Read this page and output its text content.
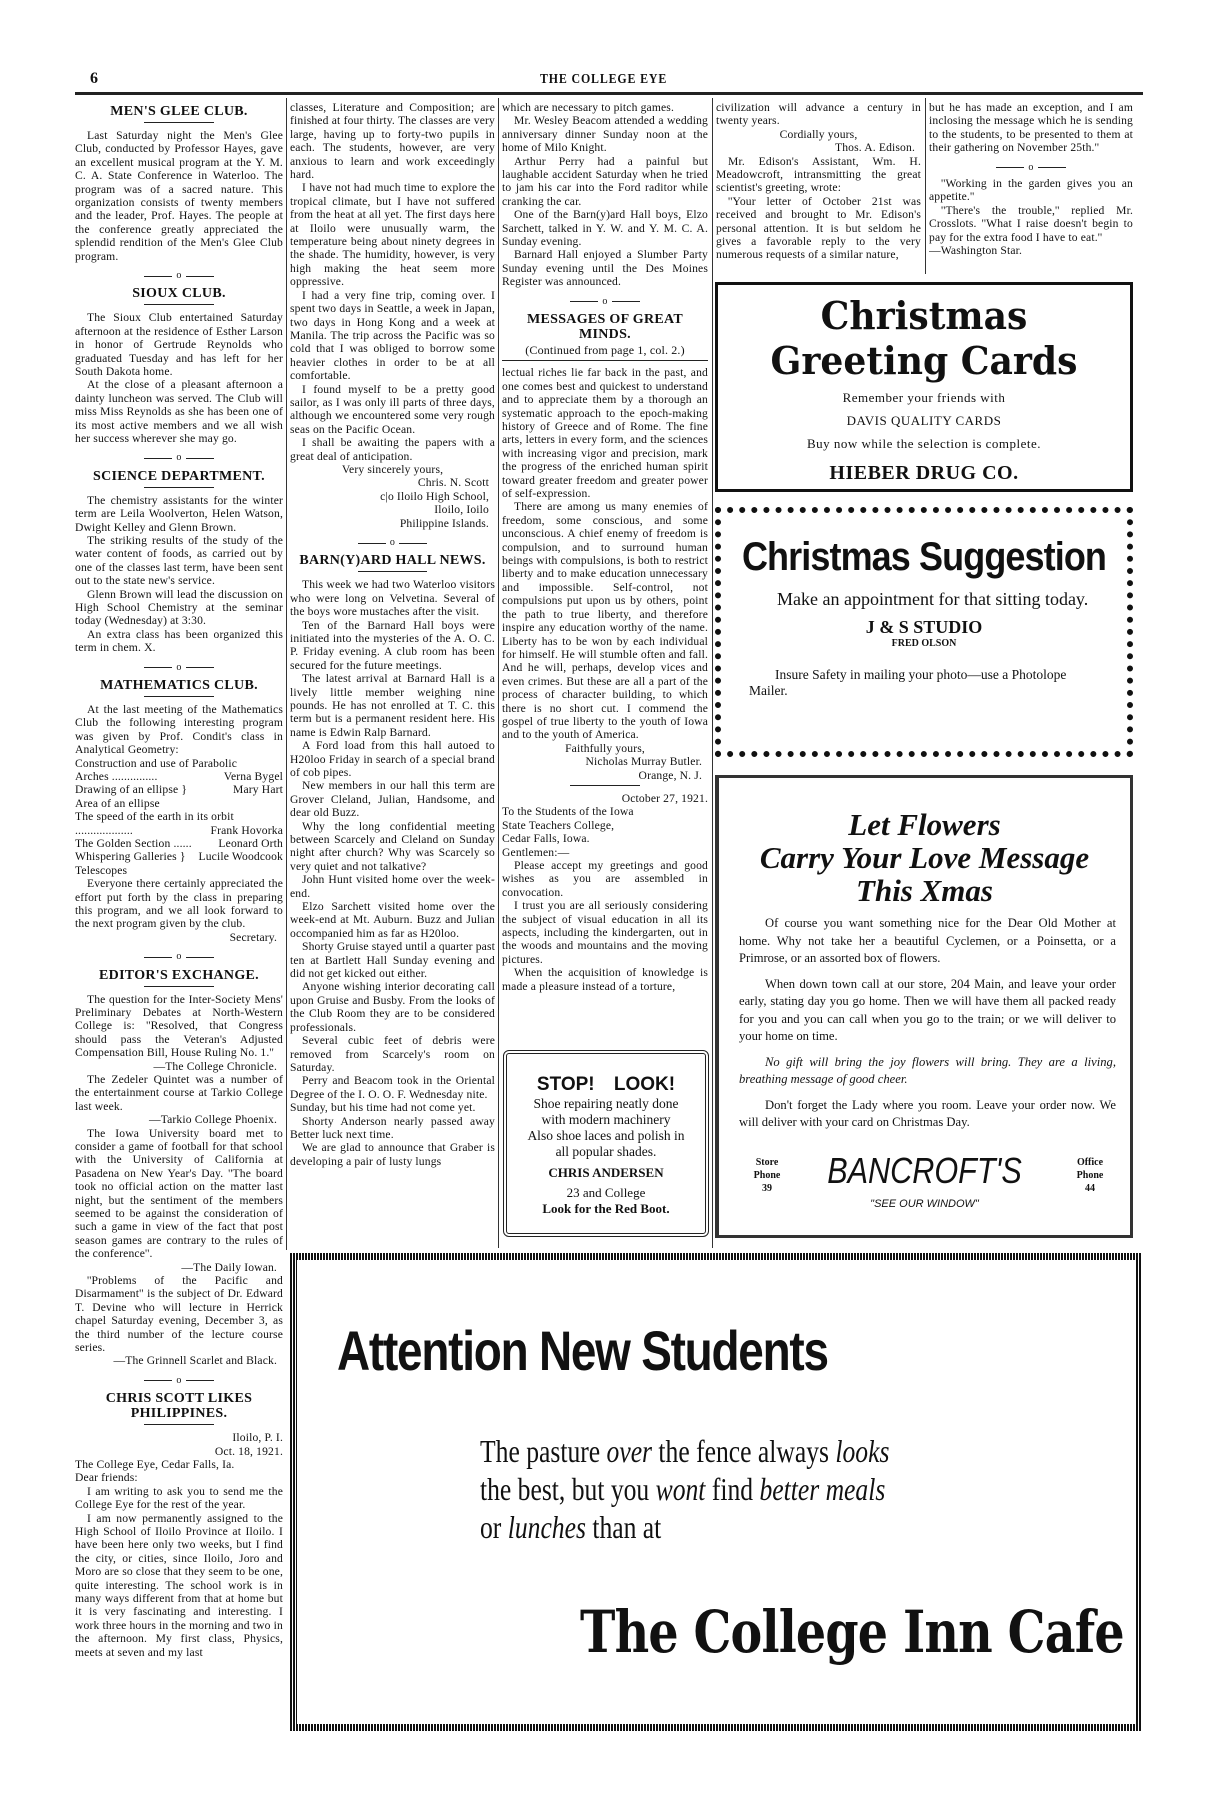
6	THE COLLEGE EYE
MEN'S GLEE CLUB.
Last Saturday night the Men's Glee Club, conducted by Professor Hayes, gave an excellent musical program at the Y. M. C. A. State Conference in Waterloo. The program was of a sacred nature. This organization consists of twenty members and the leader, Prof. Hayes. The people at the conference greatly appreciated the splendid rendition of the Men's Glee Club program.
o
SIOUX CLUB.
The Sioux Club entertained Saturday afternoon at the residence of Esther Larson in honor of Gertrude Reynolds who graduated Tuesday and has left for her South Dakota home.
At the close of a pleasant afternoon a dainty luncheon was served. The Club will miss Miss Reynolds as she has been one of its most active members and we all wish her success wherever she may go.
o
SCIENCE DEPARTMENT.
The chemistry assistants for the winter term are Leila Woolverton, Helen Watson, Dwight Kelley and Glenn Brown.
The striking results of the study of the water content of foods, as carried out by one of the classes last term, have been sent out to the state new's service.
Glenn Brown will lead the discussion on High School Chemistry at the seminar today (Wednesday) at 3:30.
An extra class has been organized this term in chem. X.
o
MATHEMATICS CLUB.
At the last meeting of the Mathematics Club the following interesting program was given by Prof. Condit's class in Analytical Geometry:
Construction and use of Parabolic
Arches ...............	Verna Bygel
Drawing of an ellipse }	Mary Hart
Area of an ellipse
The speed of the earth in its orbit
...................	Frank Hovorka
The Golden Section ...... Leonard Orth
Whispering Galleries } Lucile Woodcook
Telescopes
Everyone there certainly appreciated the effort put forth by the class in preparing this program, and we all look forward to the next program given by the club.
Secretary.
o
EDITOR'S EXCHANGE.
The question for the Inter-Society Mens' Preliminary Debates at North-Western College is: ''Resolved, that Congress should pass the Veteran's Adjusted Compensation Bill, House Ruling No. 1.''
—The College Chronicle.
The Zedeler Quintet was a number of the entertainment course at Tarkio College last week.
—Tarkio College Phoenix.
The Iowa University board met to consider a game of football for that school with the University of California at Pasadena on New Year's Day. ''The board took no official action on the matter last night, but the sentiment of the members seemed to be against the consideration of such a game in view of the fact that post season games are contrary to the rules of the conference''.
—The Daily Iowan.
''Problems of the Pacific and Disarmament'' is the subject of Dr. Edward T. Devine who will lecture in Herrick chapel Saturday evening, December 3, as the third number of the lecture course series.
—The Grinnell Scarlet and Black.
o
CHRIS SCOTT LIKES PHILIPPINES.
Iloilo, P. I.
Oct. 18, 1921.
The College Eye, Cedar Falls, Ia.
Dear friends:
I am writing to ask you to send me the College Eye for the rest of the year.
I am now permanently assigned to the High School of Iloilo Province at Iloilo. I have been here only two weeks, but I find the city, or cities, since Iloilo, Joro and Moro are so close that they seem to be one, quite interesting. The school work is in many ways different from that at home but it is very fascinating and interesting. I work three hours in the morning and two in the afternoon. My first class, Physics, meets at seven and my last
classes, Literature and Composition; are finished at four thirty. The classes are very large, having up to forty-two pupils in each. The students, however, are very anxious to learn and work exceedingly hard.
I have not had much time to explore the tropical climate, but I have not suffered from the heat at all yet. The first days here at Iloilo were unusually warm, the temperature being about ninety degrees in the shade. The humidity, however, is very high making the heat seem more oppressive.
I had a very fine trip, coming over. I spent two days in Seattle, a week in Japan, two days in Hong Kong and a week at Manila. The trip across the Pacific was so cold that I was obliged to borrow some heavier clothes in order to be at all comfortable.
I found myself to be a pretty good sailor, as I was only ill parts of three days, although we encountered some very rough seas on the Pacific Ocean.
I shall be awaiting the papers with a great deal of anticipation.
Very sincerely yours,
Chris. N. Scott
c|o Iloilo High School,
Iloilo, Ioilo
Philippine Islands.
o
BARN(Y)ARD HALL NEWS.
This week we had two Waterloo visitors who were long on Velvetina. Several of the boys wore mustaches after the visit.
Ten of the Barnard Hall boys were initiated into the mysteries of the A. O. C. P. Friday evening. A club room has been secured for the future meetings.
The latest arrival at Barnard Hall is a lively little member weighing nine pounds. He has not enrolled at T. C. this term but is a permanent resident here. His name is Edwin Ralp Barnard.
A Ford load from this hall autoed to H20loo Friday in search of a special brand of cob pipes.
New members in our hall this term are Grover Cleland, Julian, Handsome, and dear old Buzz.
Why the long confidential meeting between Scarcely and Cleland on Sunday night after church? Why was Scarcely so very quiet and not talkative?
John Hunt visited home over the week-end.
Elzo Sarchett visited home over the week-end at Mt. Auburn. Buzz and Julian occompanied him as far as H20loo.
Shorty Gruise stayed until a quarter past ten at Bartlett Hall Sunday evening and did not get kicked out either.
Anyone wishing interior decorating call upon Gruise and Busby. From the looks of the Club Room they are to be considered professionals.
Several cubic feet of debris were removed from Scarcely's room on Saturday.
Perry and Beacom took in the Oriental Degree of the I. O. O. F. Wednesday nite.
Sunday, but his time had not come yet.
Shorty Anderson nearly passed away Better luck next time.
We are glad to announce that Graber is developing a pair of lusty lungs
which are necessary to pitch games.
Mr. Wesley Beacom attended a wedding anniversary dinner Sunday noon at the home of Milo Knight.
Arthur Perry had a painful but laughable accident Saturday when he tried to jam his car into the Ford raditor while cranking the car.
One of the Barn(y)ard Hall boys, Elzo Sarchett, talked in Y. W. and Y. M. C. A. Sunday evening.
Barnard Hall enjoyed a Slumber Party Sunday evening until the Des Moines Register was announced.
o
MESSAGES OF GREAT MINDS.
(Continued from page 1, col. 2.)
lectual riches lie far back in the past, and one comes best and quickest to understand and to appreciate them by a thorough an systematic approach to the epoch-making history of Greece and of Rome. The fine arts, letters in every form, and the sciences with increasing vigor and precision, mark the progress of the enriched human spirit toward greater freedom and greater power of self-expression.
There are among us many enemies of freedom, some conscious, and some unconscious. A chief enemy of freedom is compulsion, and to surround human beings with compulsions, is both to restrict liberty and to make education unnecessary and impossible. Self-control, not compulsions put upon us by others, point the path to true liberty, and therefore inspire any education worthy of the name. Liberty has to be won by each individual for himself. He will stumble often and fall. And he will, perhaps, develop vices and even crimes. But these are all a part of the process of character building, to which there is no short cut. I commend the gospel of true liberty to the youth of Iowa and to the youth of America.
Faithfully yours,
Nicholas Murray Butler.
Orange, N. J.
October 27, 1921.
To the Students of the Iowa
State Teachers College,
Cedar Falls, Iowa.
Gentlemen:—
Please accept my greetings and good wishes as you are assembled in convocation.
I trust you are all seriously considering the subject of visual education in all its aspects, including the kindergarten, out in the woods and mountains and the moving pictures.
When the acquisition of knowledge is made a pleasure instead of a torture,
civilization will advance a century in twenty years.
Cordially yours,
Thos. A. Edison.
Mr. Edison's Assistant, Wm. H. Meadowcroft, intransmitting the great scientist's greeting, wrote:
''Your letter of October 21st was received and brought to Mr. Edison's personal attention. It is but seldom he gives a favorable reply to the very numerous requests of a similar nature,
but he has made an exception, and I am inclosing the message which he is sending to the students, to be presented to them at their gathering on November 25th.''
o
''Working in the garden gives you an appetite.''
''There's the trouble,'' replied Mr. Crosslots. ''What I raise doesn't begin to pay for the extra food I have to eat.''
—Washington Star.
Christmas Greeting Cards
Remember your friends with
DAVIS QUALITY CARDS
Buy now while the selection is complete.
HIEBER DRUG CO.
Christmas Suggestion
Make an appointment for that sitting today.
J & S STUDIO
FRED OLSON
Insure Safety in mailing your photo—use a Photolope Mailer.
Let Flowers
Carry Your Love Message
This Xmas
Of course you want something nice for the Dear Old Mother at home. Why not take her a beautiful Cyclemen, or a Poinsetta, or a Primrose, or an assorted box of flowers.
When down town call at our store, 204 Main, and leave your order early, stating day you go home. Then we will have them all packed ready for you and you can call when you go to the train; or we will deliver to your home on time.
No gift will bring the joy flowers will bring. They are a living, breathing message of good cheer.
Don't forget the Lady where you room. Leave your order now. We will deliver with your card on Christmas Day.
Store Phone
39	BANCROFT'S	Office Phone
44
"SEE OUR WINDOW"
STOP! LOOK!
Shoe repairing neatly done
with modern machinery
Also shoe laces and polish in
all popular shades.
CHRIS ANDERSEN
23 and College
Look for the Red Boot.
Attention New Students
The pasture over the fence always looks
the best, but you wont find better meals
or lunches than at
The College Inn Cafe
